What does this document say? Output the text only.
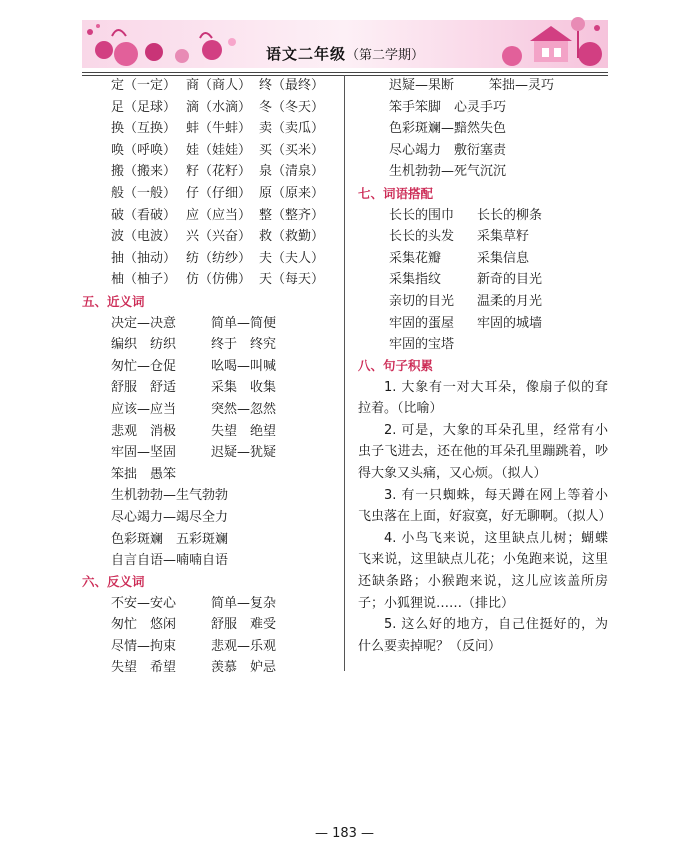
语文二年级（第二学期）
定（一定） 商（商人） 终（最终）
足（足球） 滴（水滴） 冬（冬天）
换（互换） 蚌（牛蚌） 卖（卖瓜）
唤（呼唤） 娃（娃娃） 买（买米）
搬（搬来） 籽（花籽） 泉（清泉）
般（一般） 仔（仔细） 原（原来）
破（看破） 应（应当） 整（整齐）
波（电波） 兴（兴奋） 救（救勤）
抽（抽动） 纺（纺纱） 夫（夫人）
柚（柚子） 仿（仿佛） 天（每天）
五、近义词
决定—决意	简单—简便
编织　纺织	终于　终究
匆忙—仓促	吆喝—叫喊
舒服　舒适	采集　收集
应该—应当	突然—忽然
悲观　消极	失望　绝望
牢固—坚固	迟疑—犹疑
笨拙　愚笨
生机勃勃—生气勃勃
尽心竭力—竭尽全力
色彩斑斓　五彩斑斓
自言自语—喃喃自语
六、反义词
不安—安心	简单—复杂
匆忙　悠闲	舒服　难受
尽情—拘束	悲观—乐观
失望　希望	羡慕　妒忌
迟疑—果断	笨拙—灵巧
笨手笨脚　心灵手巧
色彩斑斓—黯然失色
尽心竭力　敷衍塞责
生机勃勃—死气沉沉
七、词语搭配
长长的围巾 长长的柳条
长长的头发 采集草籽
采集花瓣	采集信息
采集指纹	新奇的目光
亲切的目光 温柔的月光
牢固的蛋屋 牢固的城墙
牢固的宝塔
八、句子积累

1. 大象有一对大耳朵，像扇子似的耷拉着。（比喻）

2. 可是，大象的耳朵孔里，经常有小虫子飞进去，还在他的耳朵孔里蹦跳着，吵得大象又头痛，又心烦。（拟人）

3. 有一只蜘蛛，每天蹲在网上等着小飞虫落在上面，好寂寞，好无聊啊。（拟人）

4. 小鸟飞来说，这里缺点儿树；蝴蝶飞来说，这里缺点儿花；小兔跑来说，这里还缺条路；小猴跑来说，这儿应该盖所房子；小狐狸说……（排比）

5. 这么好的地方，自己住挺好的，为什么要卖掉呢？（反问）

— 183 —
